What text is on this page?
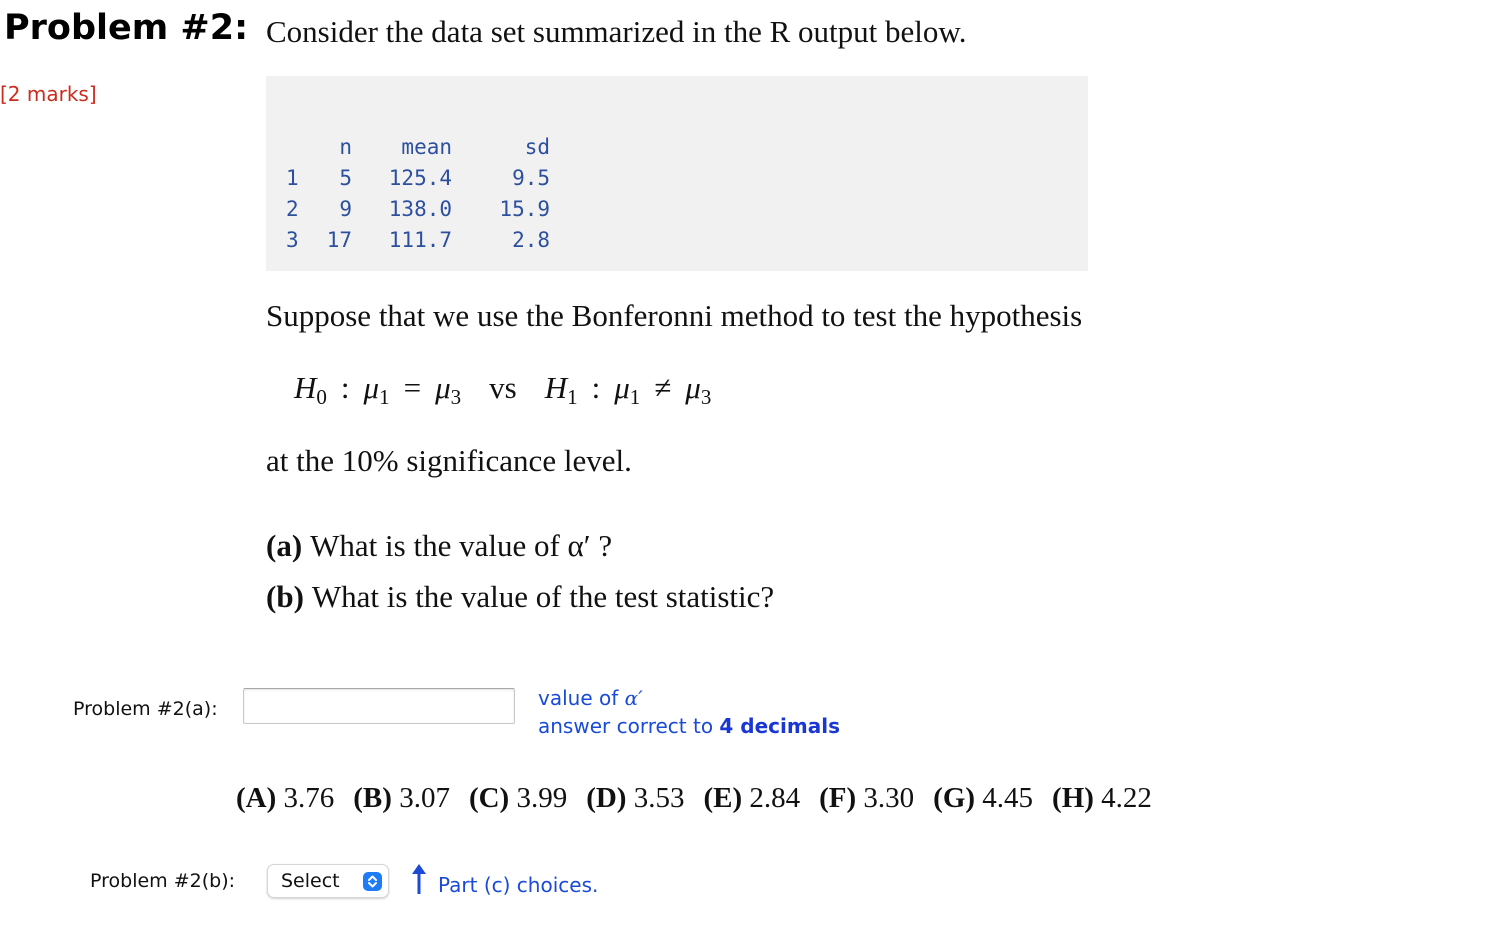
Problem #2: Consider the data set summarized in the R output below.
[2 marks]
	n	mean	sd
1	5	125.4	9.5
2	9	138.0	15.9
3	17	111.7	2.8
Suppose that we use the Bonferonni method to test the hypothesis
$H_0$ : $\mu_1 = \mu_3$ vs $H_1$ : $\mu_1 \ne \mu_3$
at the 10% significance level.
(a) What is the value of α′ ?
(b) What is the value of the test statistic?
Problem #2(a):	value of α′
answer correct to 4 decimals
(A) 3.76 (B) 3.07 (C) 3.99 (D) 3.53 (E) 2.84 (F) 3.30 (G) 4.45 (H) 4.22
Problem #2(b): Select	Part (c) choices.
